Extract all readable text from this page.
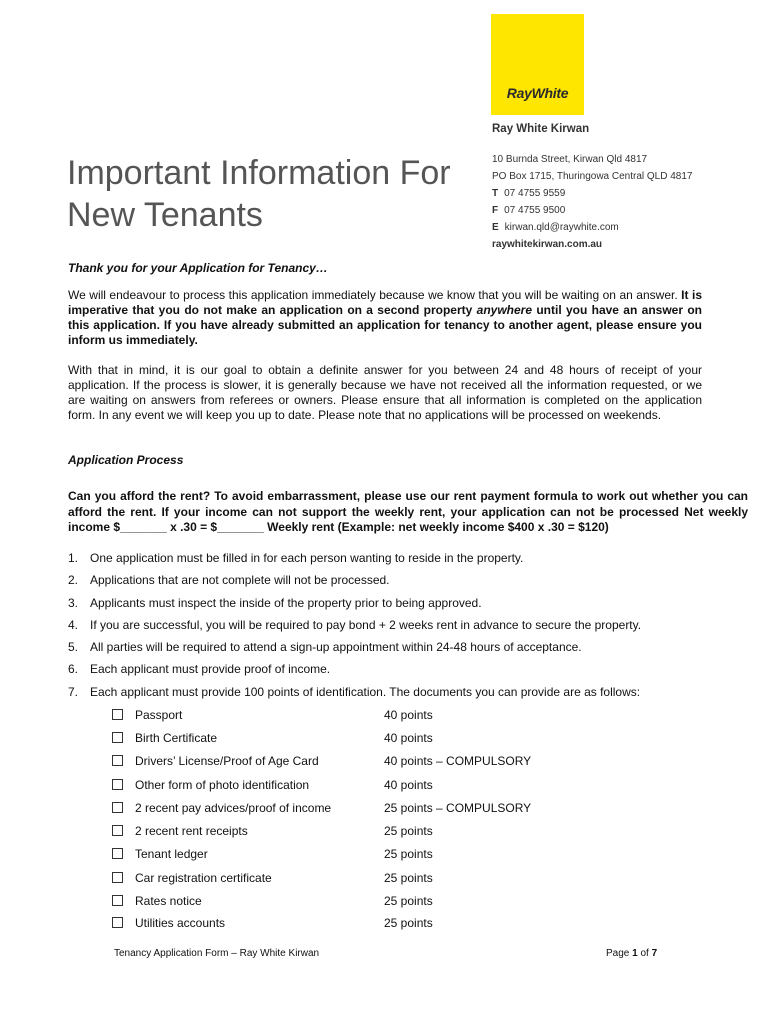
RayWhite
Ray White Kirwan
10 Burnda Street, Kirwan Qld 4817
PO Box 1715, Thuringowa Central QLD 4817
T 07 4755 9559
F 07 4755 9500
E kirwan.qld@raywhite.com
raywhitekirwan.com.au
Important Information For
New Tenants
Thank you for your Application for Tenancy…
We will endeavour to process this application immediately because we know that you will be waiting on an answer. It is imperative that you do not make an application on a second property anywhere until you have an answer on this application. If you have already submitted an application for tenancy to another agent, please ensure you inform us immediately.
With that in mind, it is our goal to obtain a definite answer for you between 24 and 48 hours of receipt of your application. If the process is slower, it is generally because we have not received all the information requested, or we are waiting on answers from referees or owners. Please ensure that all information is completed on the application form. In any event we will keep you up to date. Please note that no applications will be processed on weekends.
Application Process
Can you afford the rent? To avoid embarrassment, please use our rent payment formula to work out whether you can afford the rent. If your income can not support the weekly rent, your application can not be processed Net weekly income $_______ x .30 = $_______ Weekly rent (Example: net weekly income $400 x .30 = $120)
1. One application must be filled in for each person wanting to reside in the property.
2. Applications that are not complete will not be processed.
3. Applicants must inspect the inside of the property prior to being approved.
4. If you are successful, you will be required to pay bond + 2 weeks rent in advance to secure the property.
5. All parties will be required to attend a sign-up appointment within 24-48 hours of acceptance.
6. Each applicant must provide proof of income.
7. Each applicant must provide 100 points of identification. The documents you can provide are as follows:
Passport	40 points
Birth Certificate	40 points
Drivers’ License/Proof of Age Card	40 points – COMPULSORY
Other form of photo identification	40 points
2 recent pay advices/proof of income	25 points – COMPULSORY
2 recent rent receipts	25 points
Tenant ledger	25 points
Car registration certificate	25 points
Rates notice	25 points
Utilities accounts	25 points
Tenancy Application Form – Ray White Kirwan	Page 1 of 7
